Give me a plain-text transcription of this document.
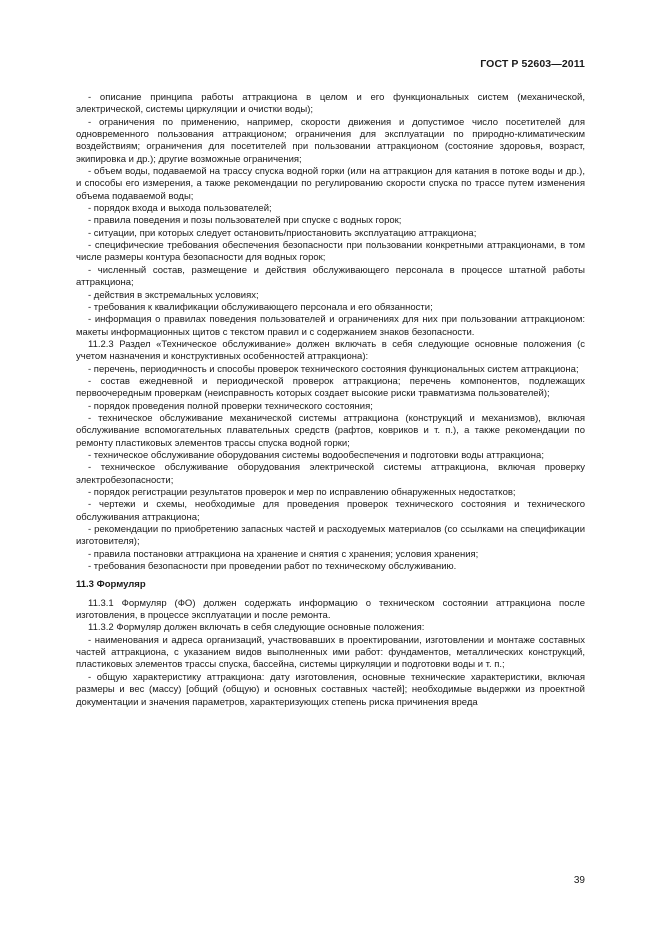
ГОСТ Р 52603—2011

- описание принципа работы аттракциона в целом и его функциональных систем (механической, электрической, системы циркуляции и очистки воды);

- ограничения по применению, например, скорости движения и допустимое число посетителей для одновременного пользования аттракционом; ограничения для эксплуатации по природно-климатическим воздействиям; ограничения для посетителей при пользовании аттракционом (состояние здоровья, возраст, экипировка и др.); другие возможные ограничения;

- объем воды, подаваемой на трассу спуска водной горки (или на аттракцион для катания в потоке воды и др.), и способы его измерения, а также рекомендации по регулированию скорости спуска по трассе путем изменения объема подаваемой воды;

- порядок входа и выхода пользователей;

- правила поведения и позы пользователей при спуске с водных горок;

- ситуации, при которых следует остановить/приостановить эксплуатацию аттракциона;

- специфические требования обеспечения безопасности при пользовании конкретными аттракционами, в том числе размеры контура безопасности для водных горок;

- численный состав, размещение и действия обслуживающего персонала в процессе штатной работы аттракциона;

- действия в экстремальных условиях;

- требования к квалификации обслуживающего персонала и его обязанности;

- информация о правилах поведения пользователей и ограничениях для них при пользовании аттракционом: макеты информационных щитов с текстом правил и с содержанием знаков безопасности.

11.2.3 Раздел «Техническое обслуживание» должен включать в себя следующие основные положения (с учетом назначения и конструктивных особенностей аттракциона):

- перечень, периодичность и способы проверок технического состояния функциональных систем аттракциона;

- состав ежедневной и периодической проверок аттракциона; перечень компонентов, подлежащих первоочередным проверкам (неисправность которых создает высокие риски травматизма пользователей);

- порядок проведения полной проверки технического состояния;

- техническое обслуживание механической системы аттракциона (конструкций и механизмов), включая обслуживание вспомогательных плавательных средств (рафтов, ковриков и т. п.), а также рекомендации по ремонту пластиковых элементов трассы спуска водной горки;

- техническое обслуживание оборудования системы водообеспечения и подготовки воды аттракциона;

- техническое обслуживание оборудования электрической системы аттракциона, включая проверку электробезопасности;

- порядок регистрации результатов проверок и мер по исправлению обнаруженных недостатков;

- чертежи и схемы, необходимые для проведения проверок технического состояния и технического обслуживания аттракциона;

- рекомендации по приобретению запасных частей и расходуемых материалов (со ссылками на спецификации изготовителя);

- правила постановки аттракциона на хранение и снятия с хранения; условия хранения;

- требования безопасности при проведении работ по техническому обслуживанию.

11.3 Формуляр

11.3.1 Формуляр (ФО) должен содержать информацию о техническом состоянии аттракциона после изготовления, в процессе эксплуатации и после ремонта.

11.3.2 Формуляр должен включать в себя следующие основные положения:

- наименования и адреса организаций, участвовавших в проектировании, изготовлении и монтаже составных частей аттракциона, с указанием видов выполненных ими работ: фундаментов, металлических конструкций, пластиковых элементов трассы спуска, бассейна, системы циркуляции и подготовки воды и т. п.;

- общую характеристику аттракциона: дату изготовления, основные технические характеристики, включая размеры и вес (массу) [общий (общую) и основных составных частей]; необходимые выдержки из проектной документации и значения параметров, характеризующих степень риска причинения вреда

39
